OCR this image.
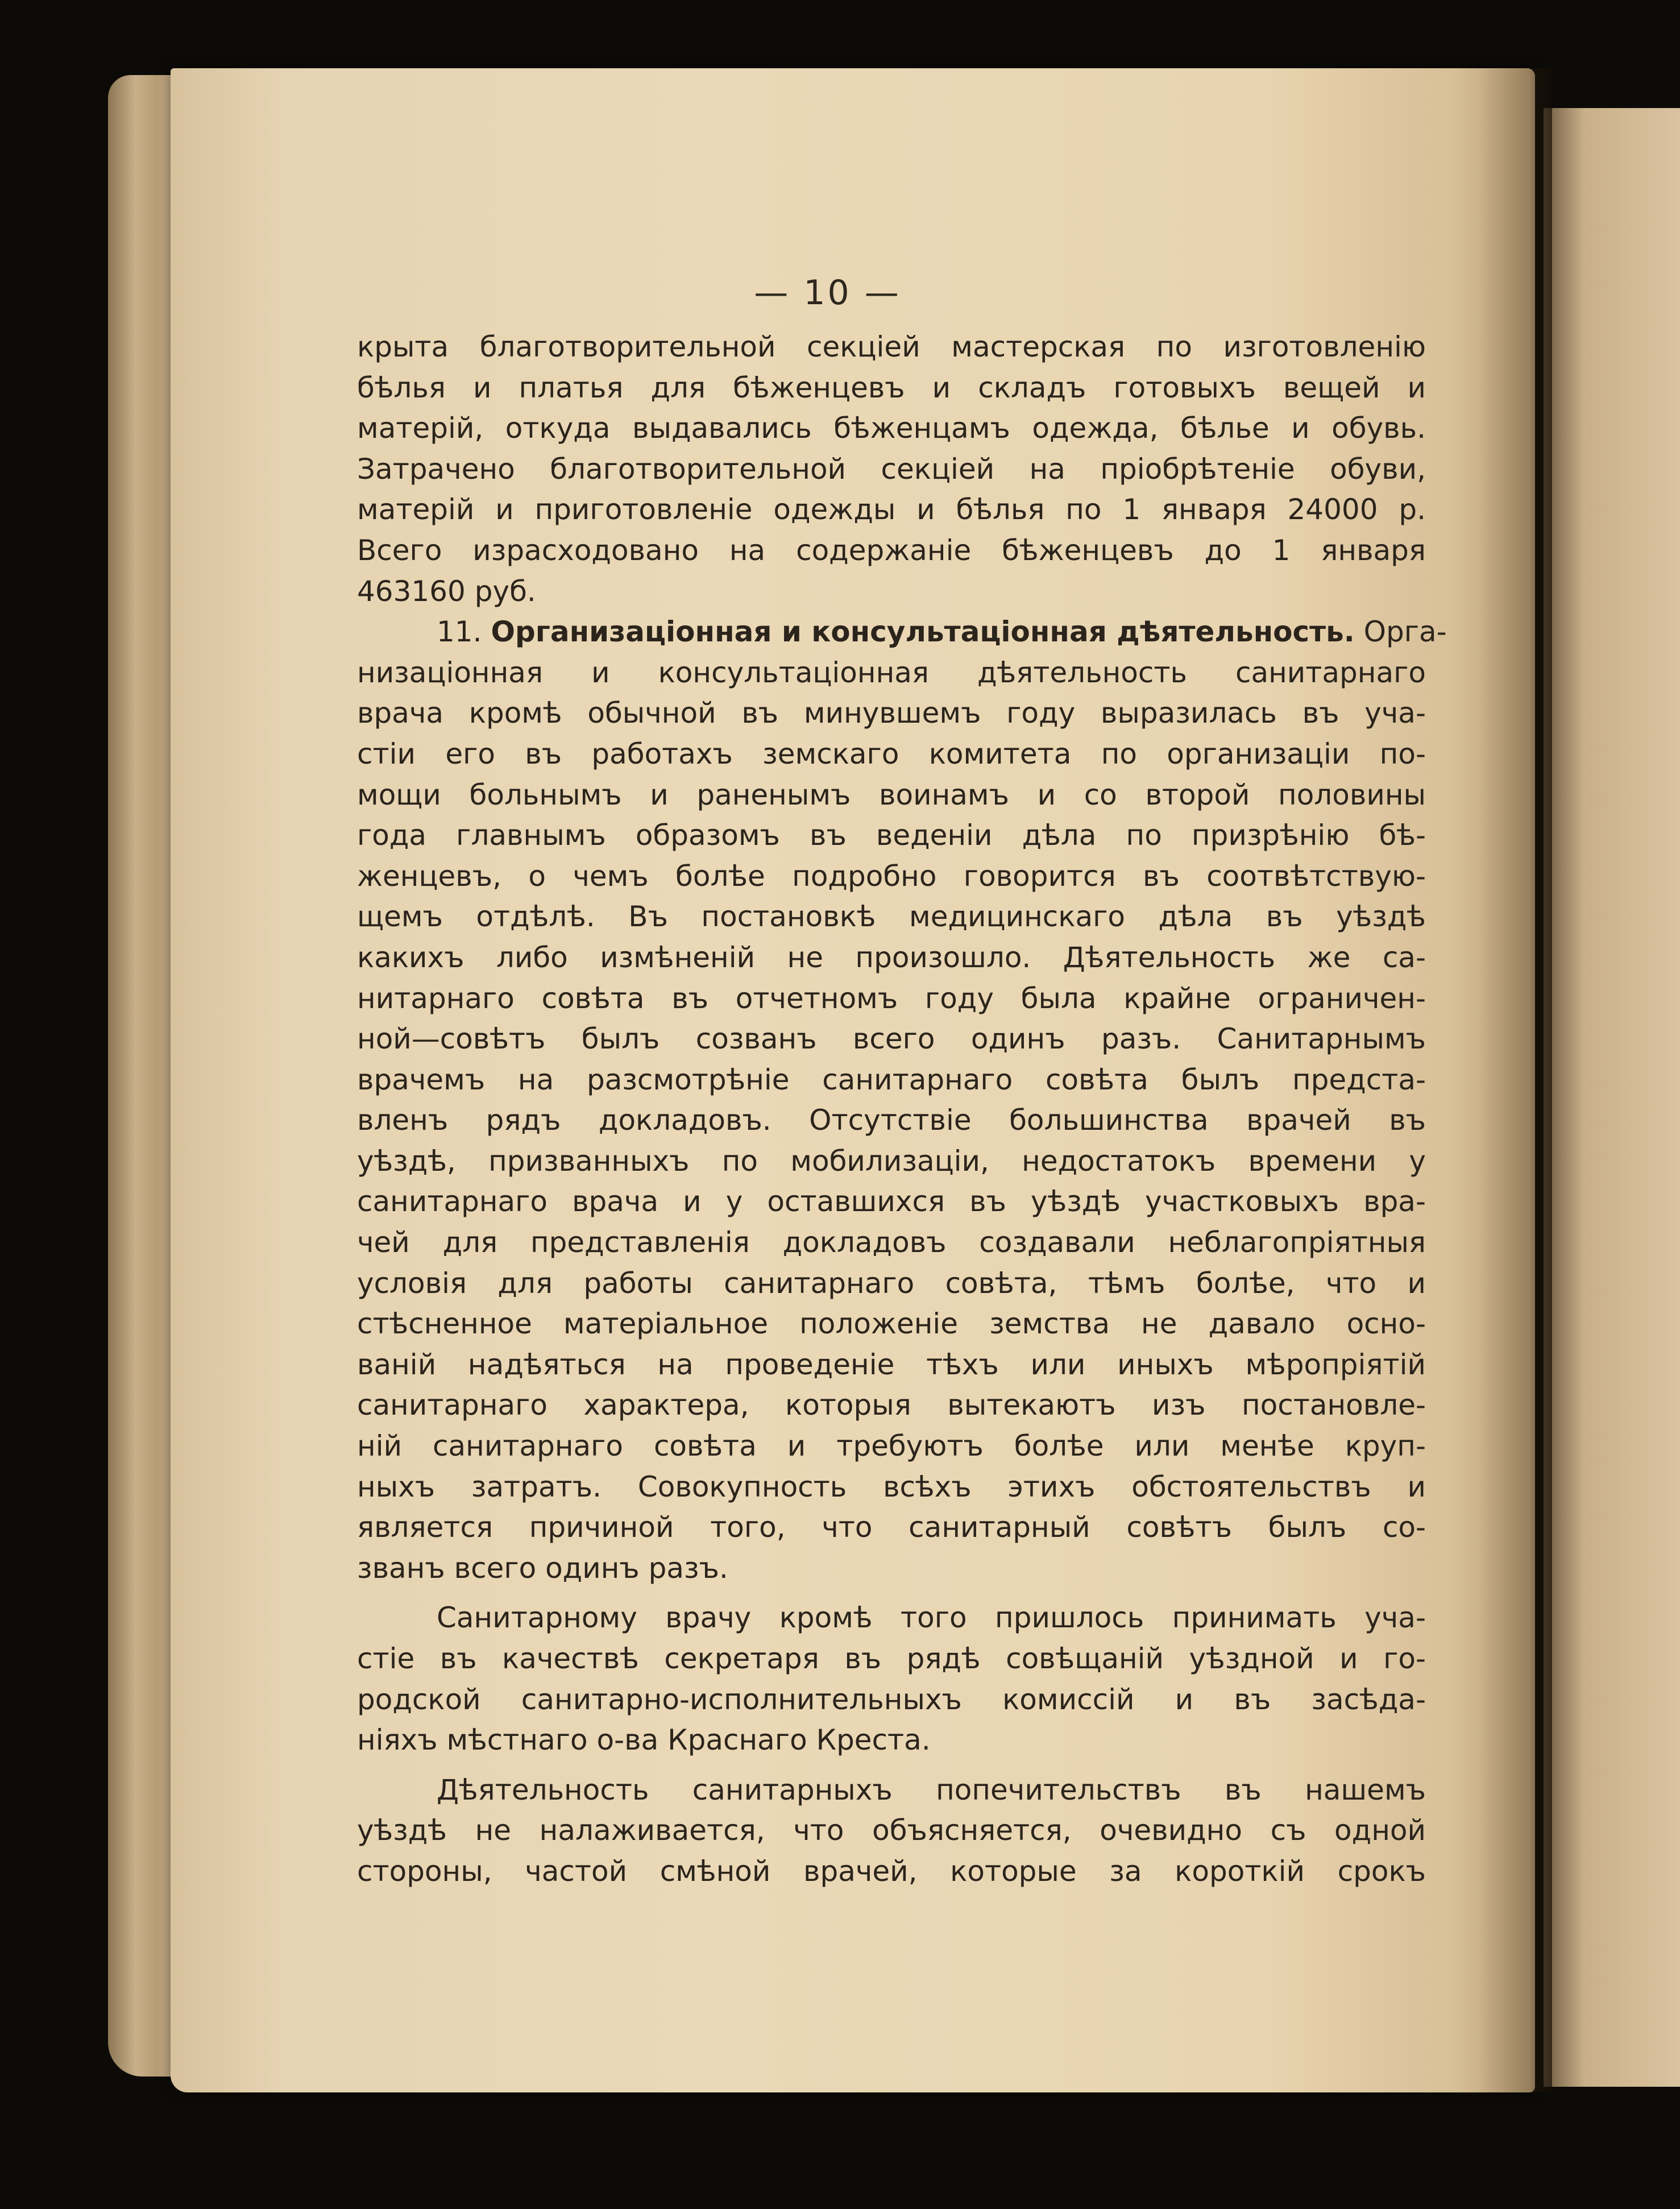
— 10 —
крыта благотворительной секціей мастерская по изготовленію
бѣлья и платья для бѣженцевъ и складъ готовыхъ вещей и
матерій, откуда выдавались бѣженцамъ одежда, бѣлье и обувь.
Затрачено благотворительной секціей на пріобрѣтеніе обуви,
матерій и приготовленіе одежды и бѣлья по 1 января 24000 р.
Всего израсходовано на содержаніе бѣженцевъ до 1 января
463160 руб.
11. Организаціонная и консультаціонная дѣятельность. Орга-
низаціонная и консультаціонная дѣятельность санитарнаго
врача кромѣ обычной въ минувшемъ году выразилась въ уча-
стіи его въ работахъ земскаго комитета по организаціи по-
мощи больнымъ и раненымъ воинамъ и со второй половины
года главнымъ образомъ въ веденіи дѣла по призрѣнію бѣ-
женцевъ, о чемъ болѣе подробно говорится въ соотвѣтствую-
щемъ отдѣлѣ. Въ постановкѣ медицинскаго дѣла въ уѣздѣ
какихъ либо измѣненій не произошло. Дѣятельность же са-
нитарнаго совѣта въ отчетномъ году была крайне ограничен-
ной—совѣтъ былъ созванъ всего одинъ разъ. Санитарнымъ
врачемъ на разсмотрѣніе санитарнаго совѣта былъ предста-
вленъ рядъ докладовъ. Отсутствіе большинства врачей въ
уѣздѣ, призванныхъ по мобилизаціи, недостатокъ времени у
санитарнаго врача и у оставшихся въ уѣздѣ участковыхъ вра-
чей для представленія докладовъ создавали неблагопріятныя
условія для работы санитарнаго совѣта, тѣмъ болѣе, что и
стѣсненное матеріальное положеніе земства не давало осно-
ваній надѣяться на проведеніе тѣхъ или иныхъ мѣропріятій
санитарнаго характера, которыя вытекаютъ изъ постановле-
ній санитарнаго совѣта и требуютъ болѣе или менѣе круп-
ныхъ затратъ. Совокупность всѣхъ этихъ обстоятельствъ и
является причиной того, что санитарный совѣтъ былъ со-
званъ всего одинъ разъ.
Санитарному врачу кромѣ того пришлось принимать уча-
стіе въ качествѣ секретаря въ рядѣ совѣщаній уѣздной и го-
родской санитарно-исполнительныхъ комиссій и въ засѣда-
ніяхъ мѣстнаго о-ва Краснаго Креста.
Дѣятельность санитарныхъ попечительствъ въ нашемъ
уѣздѣ не налаживается, что объясняется, очевидно съ одной
стороны, частой смѣной врачей, которые за короткій срокъ
